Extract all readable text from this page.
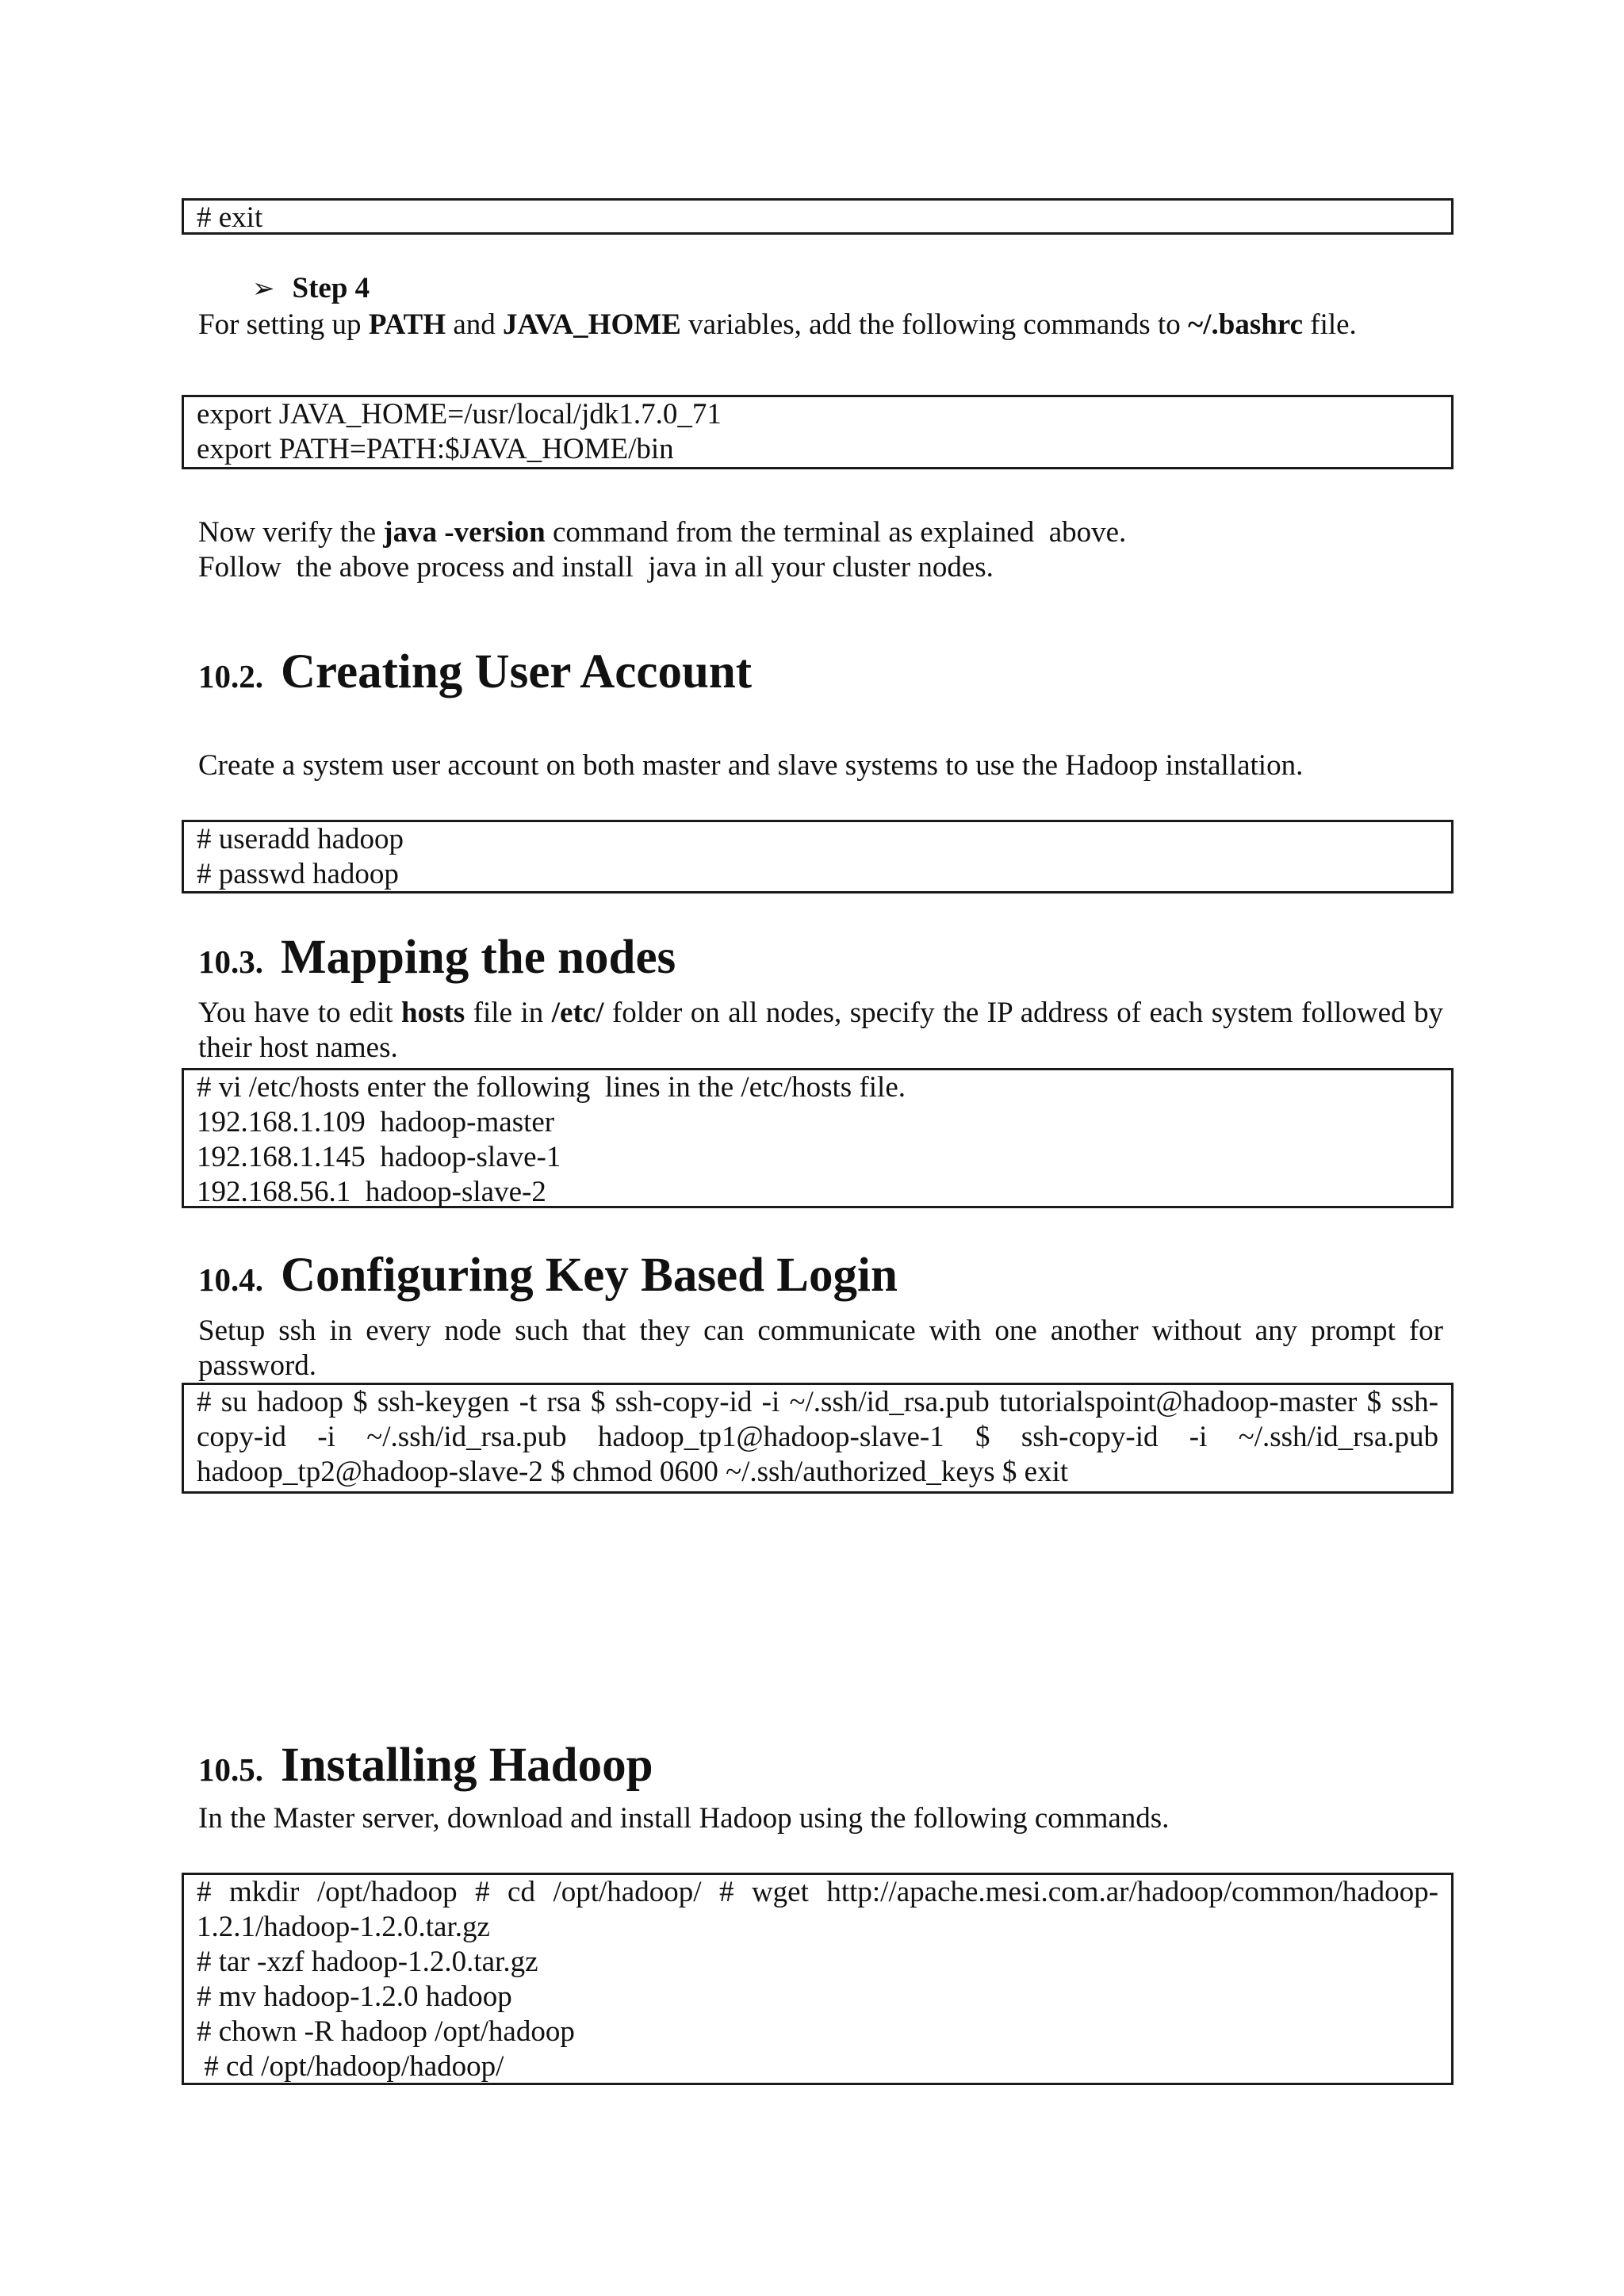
# exit
➢ Step 4
For setting up PATH and JAVA_HOME variables, add the following commands to ~/.bashrc file.
export JAVA_HOME=/usr/local/jdk1.7.0_71
export PATH=PATH:$JAVA_HOME/bin
Now verify the java -version command from the terminal as explained  above.
Follow  the above process and install  java in all your cluster nodes.
10.2. Creating User Account
Create a system user account on both master and slave systems to use the Hadoop installation.
# useradd hadoop
# passwd hadoop
10.3. Mapping the nodes
You have to edit hosts file in /etc/ folder on all nodes, specify the IP address of each system followed by their host names.
# vi /etc/hosts enter the following  lines in the /etc/hosts file.
192.168.1.109  hadoop-master
192.168.1.145  hadoop-slave-1
192.168.56.1  hadoop-slave-2
10.4. Configuring Key Based Login
Setup ssh in every node such that they can communicate with one another without any prompt for password.
# su hadoop $ ssh-keygen -t rsa $ ssh-copy-id -i ~/.ssh/id_rsa.pub tutorialspoint@hadoop-master $ ssh-copy-id -i ~/.ssh/id_rsa.pub hadoop_tp1@hadoop-slave-1 $ ssh-copy-id -i ~/.ssh/id_rsa.pub hadoop_tp2@hadoop-slave-2 $ chmod 0600 ~/.ssh/authorized_keys $ exit
10.5. Installing Hadoop
In the Master server, download and install Hadoop using the following commands.
# mkdir /opt/hadoop # cd /opt/hadoop/ # wget http://apache.mesi.com.ar/hadoop/common/hadoop-1.2.1/hadoop-1.2.0.tar.gz
# tar -xzf hadoop-1.2.0.tar.gz
# mv hadoop-1.2.0 hadoop
# chown -R hadoop /opt/hadoop
# cd /opt/hadoop/hadoop/
